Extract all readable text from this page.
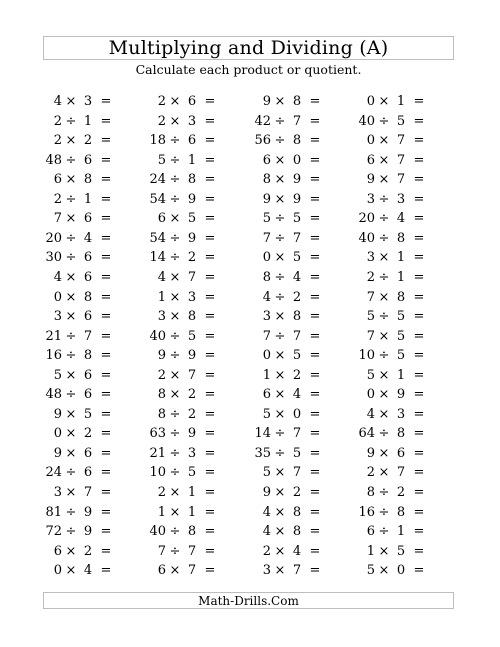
Multiplying and Dividing (A)
Calculate each product or quotient.
4 × 3 =
2 ÷ 1 =
2 × 2 =
48 ÷ 6 =
6 × 8 =
2 ÷ 1 =
7 × 6 =
20 ÷ 4 =
30 ÷ 6 =
4 × 6 =
0 × 8 =
3 × 6 =
21 ÷ 7 =
16 ÷ 8 =
5 × 6 =
48 ÷ 6 =
9 × 5 =
0 × 2 =
9 × 6 =
24 ÷ 6 =
3 × 7 =
81 ÷ 9 =
72 ÷ 9 =
6 × 2 =
0 × 4 =
2 × 6 =
2 × 3 =
18 ÷ 6 =
5 ÷ 1 =
24 ÷ 8 =
54 ÷ 9 =
6 × 5 =
54 ÷ 9 =
14 ÷ 2 =
4 × 7 =
1 × 3 =
3 × 8 =
40 ÷ 5 =
9 ÷ 9 =
2 × 7 =
8 × 2 =
8 ÷ 2 =
63 ÷ 9 =
21 ÷ 3 =
10 ÷ 5 =
2 × 1 =
1 × 1 =
40 ÷ 8 =
7 ÷ 7 =
6 × 7 =
9 × 8 =
42 ÷ 7 =
56 ÷ 8 =
6 × 0 =
8 × 9 =
9 × 9 =
5 ÷ 5 =
7 ÷ 7 =
0 × 5 =
8 ÷ 4 =
4 ÷ 2 =
3 × 8 =
7 ÷ 7 =
0 × 5 =
1 × 2 =
6 × 4 =
5 × 0 =
14 ÷ 7 =
35 ÷ 5 =
5 × 7 =
9 × 2 =
4 × 8 =
4 × 8 =
2 × 4 =
3 × 7 =
0 × 1 =
40 ÷ 5 =
0 × 7 =
6 × 7 =
9 × 7 =
3 ÷ 3 =
20 ÷ 4 =
40 ÷ 8 =
3 × 1 =
2 ÷ 1 =
7 × 8 =
5 ÷ 5 =
7 × 5 =
10 ÷ 5 =
5 × 1 =
0 × 9 =
4 × 3 =
64 ÷ 8 =
9 × 6 =
2 × 7 =
8 ÷ 2 =
16 ÷ 8 =
6 ÷ 1 =
1 × 5 =
5 × 0 =
Math-Drills.Com
